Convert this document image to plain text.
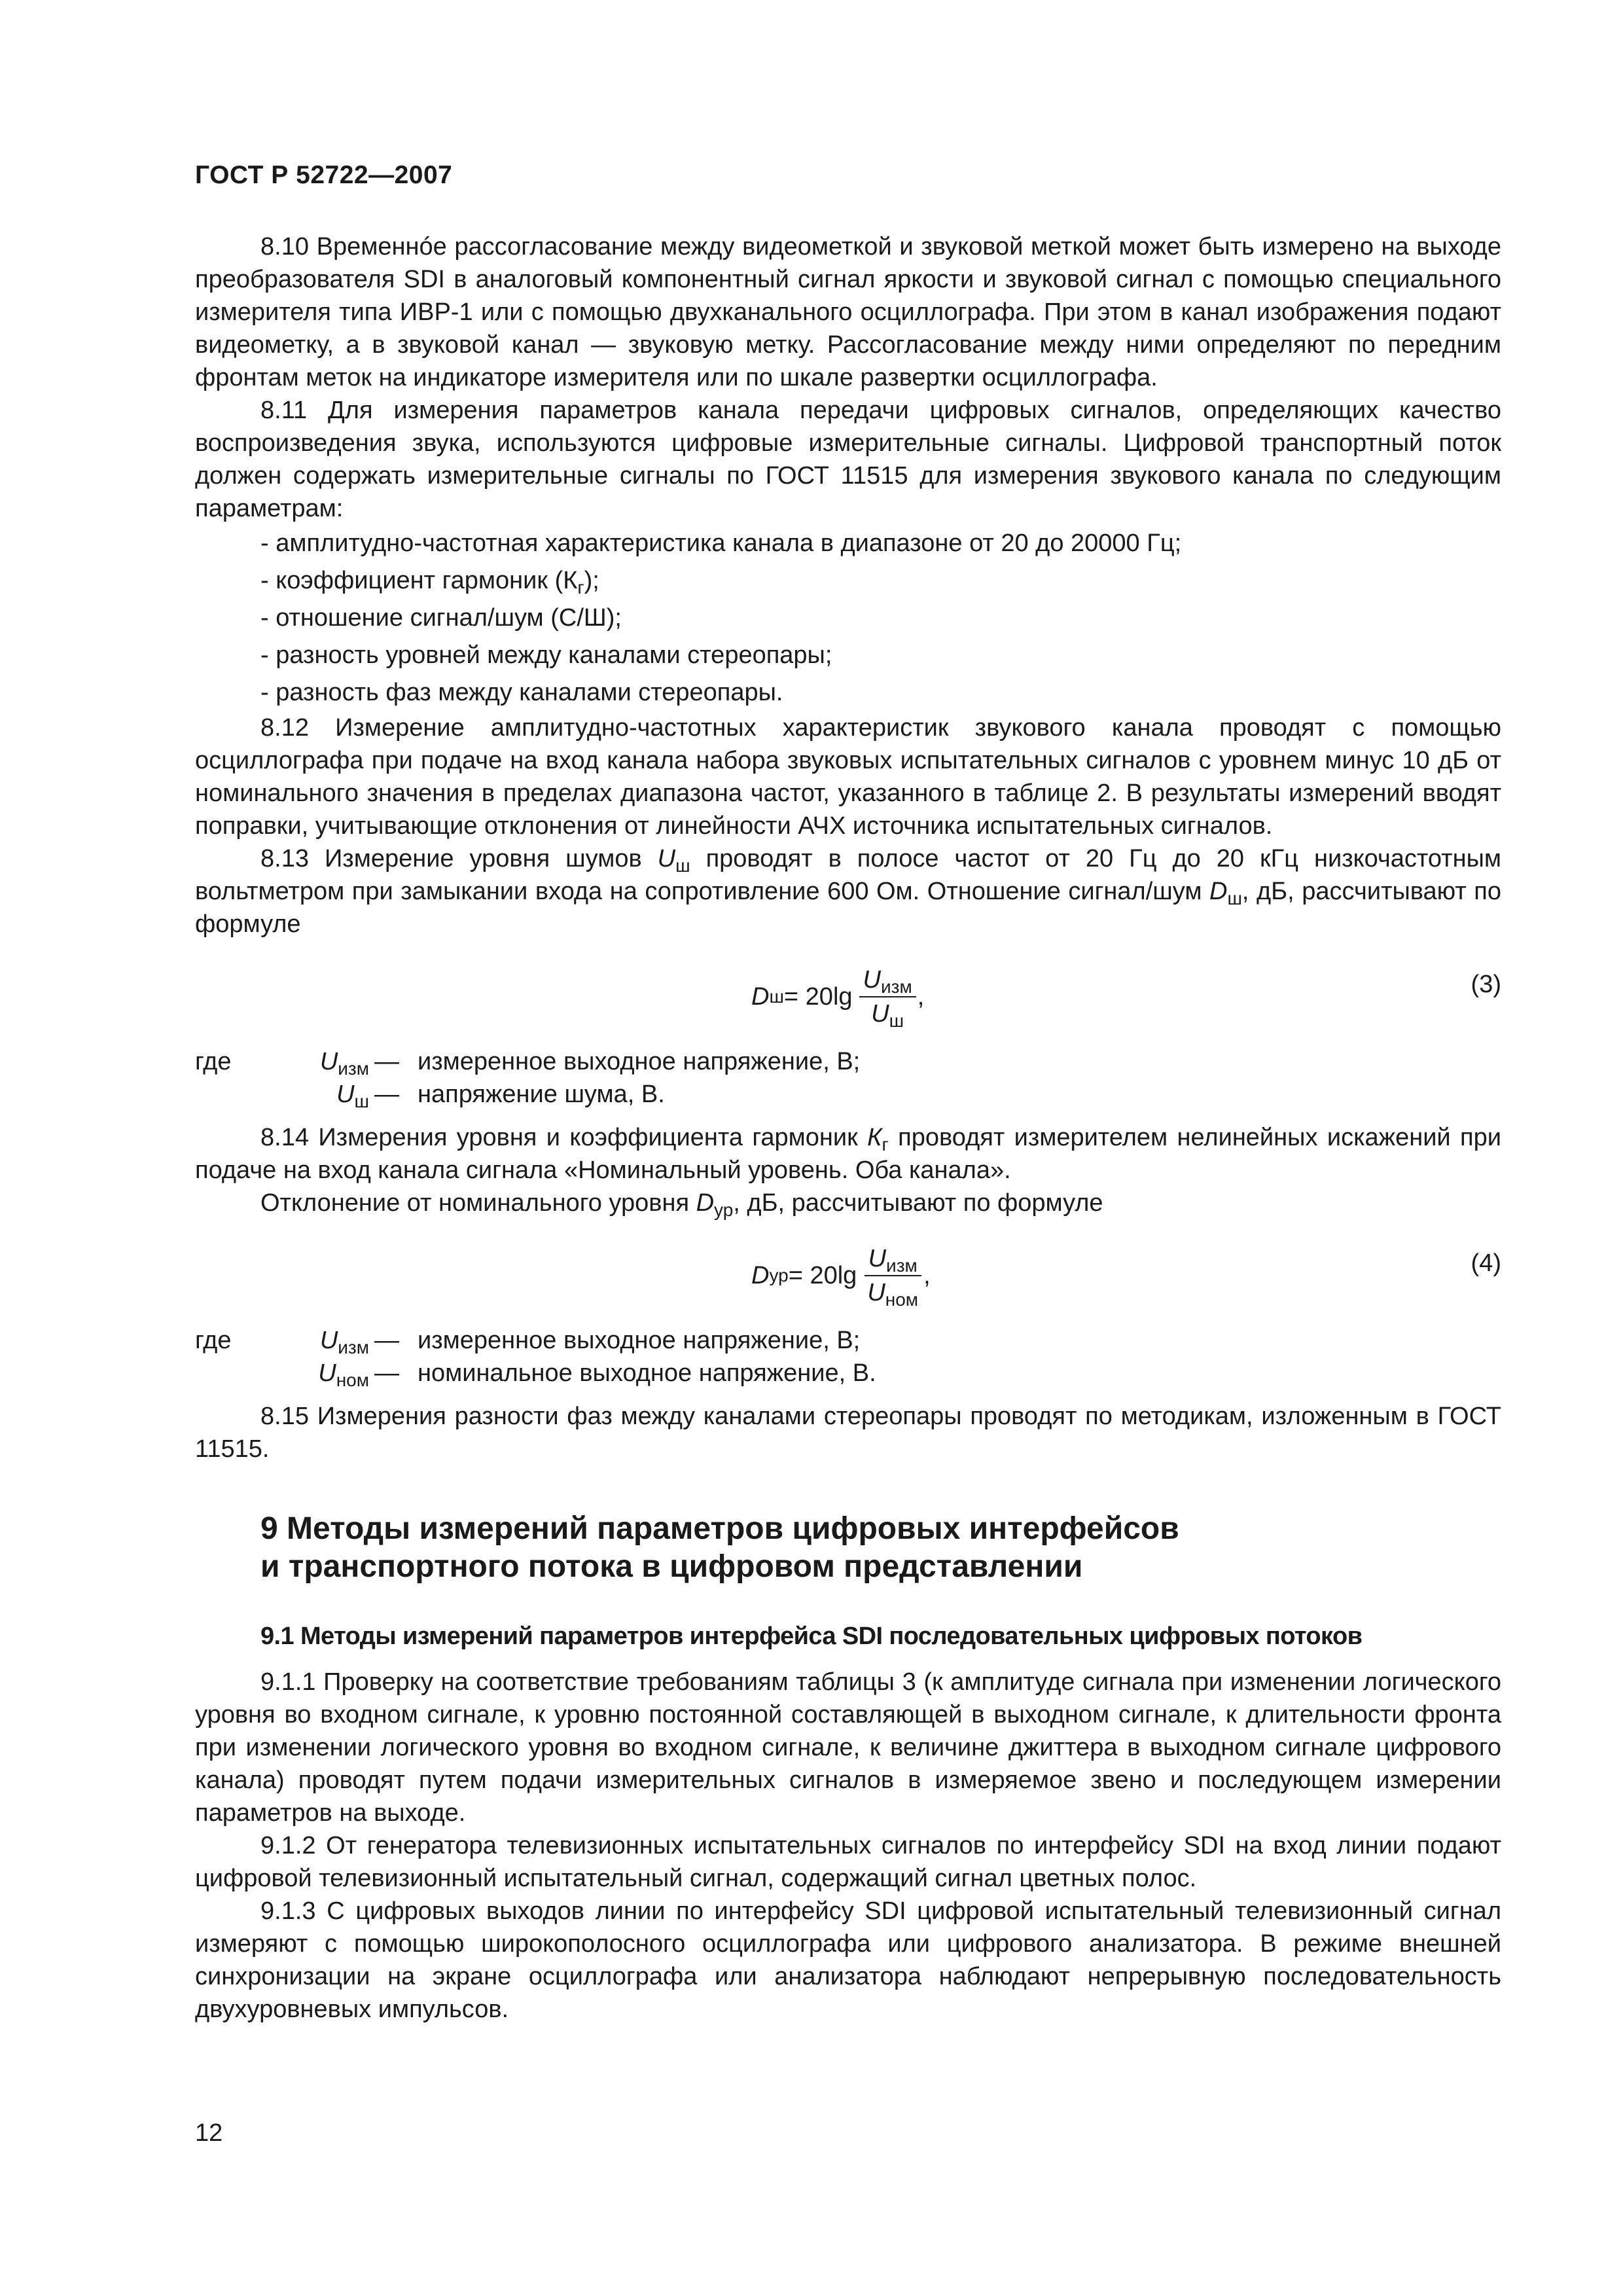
ГОСТ Р 52722—2007

8.10 Временнóе рассогласование между видеометкой и звуковой меткой может быть измерено на выходе преобразователя SDI в аналоговый компонентный сигнал яркости и звуковой сигнал с помощью специального измерителя типа ИВР-1 или с помощью двухканального осциллографа. При этом в канал изображения подают видеометку, а в звуковой канал — звуковую метку. Рассогласование между ними определяют по передним фронтам меток на индикаторе измерителя или по шкале развертки осциллографа.

8.11 Для измерения параметров канала передачи цифровых сигналов, определяющих качество воспроизведения звука, используются цифровые измерительные сигналы. Цифровой транспортный поток должен содержать измерительные сигналы по ГОСТ 11515 для измерения звукового канала по следующим параметрам:

- амплитудно-частотная характеристика канала в диапазоне от 20 до 20000 Гц;
- коэффициент гармоник $(К_г)$;
- отношение сигнал/шум (С/Ш);
- разность уровней между каналами стереопары;
- разность фаз между каналами стереопары.

8.12 Измерение амплитудно-частотных характеристик звукового канала проводят с помощью осциллографа при подаче на вход канала набора звуковых испытательных сигналов с уровнем минус 10 дБ от номинального значения в пределах диапазона частот, указанного в таблице 2. В результаты измерений вводят поправки, учитывающие отклонения от линейности АЧХ источника испытательных сигналов.

8.13 Измерение уровня шумов $U_ш$ проводят в полосе частот от 20 Гц до 20 кГц низкочастотным вольтметром при замыкании входа на сопротивление 600 Ом. Отношение сигнал/шум $D_ш$, дБ, рассчитывают по формуле

D $ш = 20\lg \frac{U_{изм}}{U_ш}$ ,	(3)
где	$U_{изм}$ — измеренное выходное напряжение, В;
$U_ш$ — напряжение шума, В.

8.14 Измерения уровня и коэффициента гармоник $К_г$ проводят измерителем нелинейных искажений при подаче на вход канала сигнала «Номинальный уровень. Оба канала».

Отклонение от номинального уровня $D_{ур}$, дБ, рассчитывают по формуле

D ур = $20\lg \frac{U_{изм}}{U_{ном}}$ ,	(4)
где	$U_{изм}$ — измеренное выходное напряжение, В;
$U_{ном}$ — номинальное выходное напряжение, В.

8.15 Измерения разности фаз между каналами стереопары проводят по методикам, изложенным в ГОСТ 11515.

9 Методы измерений параметров цифровых интерфейсов
и транспортного потока в цифровом представлении
9.1 Методы измерений параметров интерфейса SDI последовательных цифровых потоков

9.1.1 Проверку на соответствие требованиям таблицы 3 (к амплитуде сигнала при изменении логического уровня во входном сигнале, к уровню постоянной составляющей в выходном сигнале, к длительности фронта при изменении логического уровня во входном сигнале, к величине джиттера в выходном сигнале цифрового канала) проводят путем подачи измерительных сигналов в измеряемое звено и последующем измерении параметров на выходе.

9.1.2 От генератора телевизионных испытательных сигналов по интерфейсу SDI на вход линии подают цифровой телевизионный испытательный сигнал, содержащий сигнал цветных полос.

9.1.3 С цифровых выходов линии по интерфейсу SDI цифровой испытательный телевизионный сигнал измеряют с помощью широкополосного осциллографа или цифрового анализатора. В режиме внешней синхронизации на экране осциллографа или анализатора наблюдают непрерывную последовательность двухуровневых импульсов.

12
